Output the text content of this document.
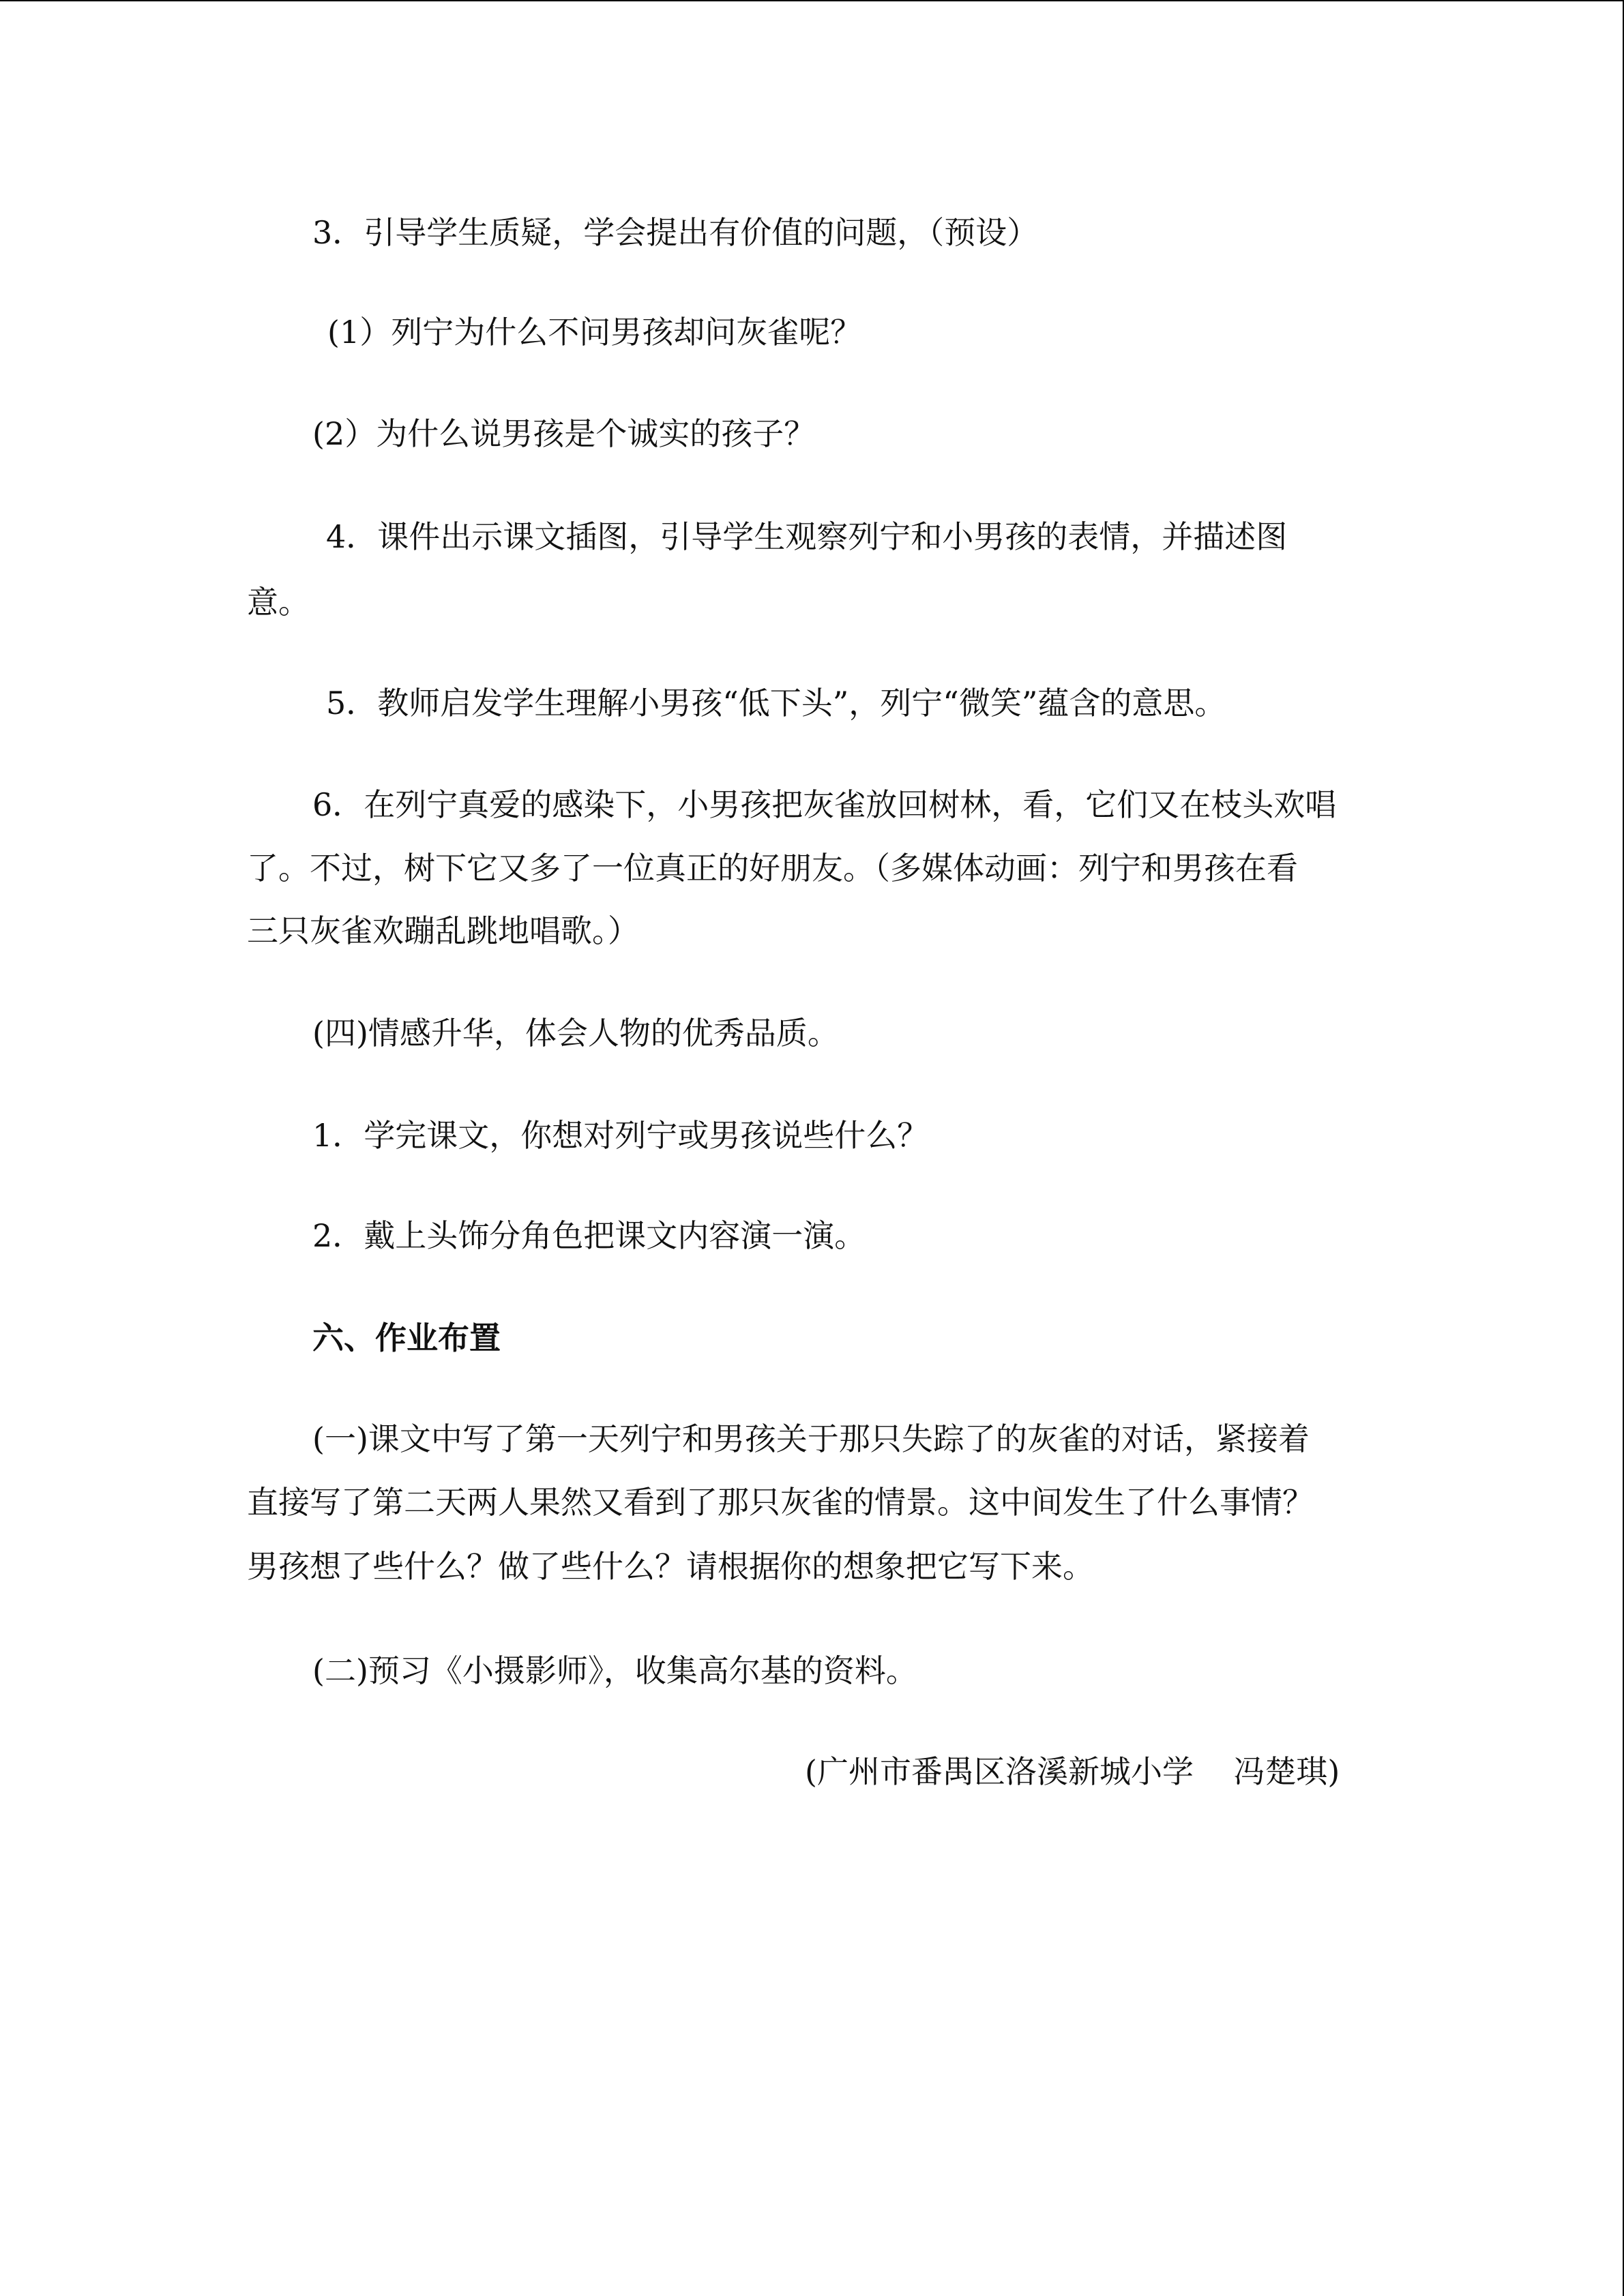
3．引导学生质疑，学会提出有价值的问题，（预设）

(1）列宁为什么不问男孩却问灰雀呢？

(2）为什么说男孩是个诚实的孩子？

4．课件出示课文插图，引导学生观察列宁和小男孩的表情，并描述图

意。

5．教师启发学生理解小男孩“低下头”，列宁“微笑”蕴含的意思。

6．在列宁真爱的感染下，小男孩把灰雀放回树林，看，它们又在枝头欢唱

了。不过，树下它又多了一位真正的好朋友。（多媒体动画：列宁和男孩在看

三只灰雀欢蹦乱跳地唱歌。）

(四)情感升华，体会人物的优秀品质。

1．学完课文，你想对列宁或男孩说些什么？

2．戴上头饰分角色把课文内容演一演。

六、作业布置

(一)课文中写了第一天列宁和男孩关于那只失踪了的灰雀的对话，紧接着

直接写了第二天两人果然又看到了那只灰雀的情景。这中间发生了什么事情？

男孩想了些什么？做了些什么？请根据你的想象把它写下来。

(二)预习《小摄影师》，收集高尔基的资料。

(广州市番禺区洛溪新城小学    冯楚琪)
